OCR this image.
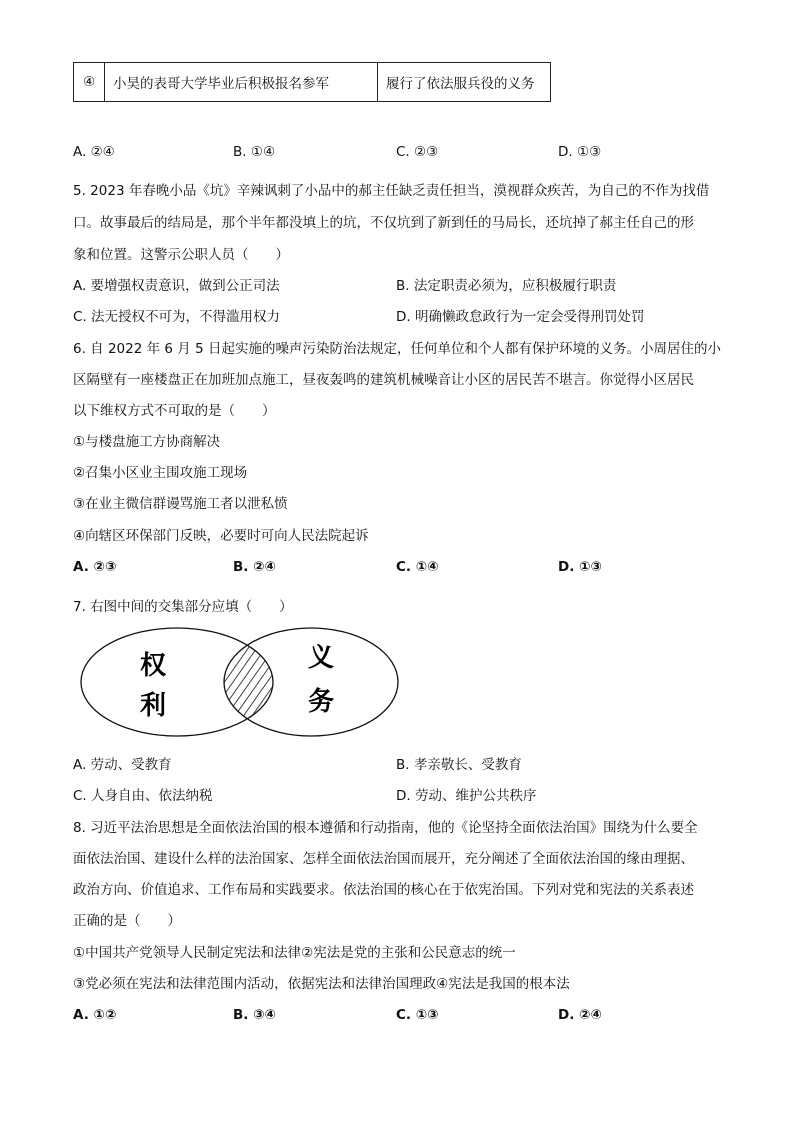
④	小昊的表哥大学毕业后积极报名参军	履行了依法服兵役的义务
A. ②④	B. ①④	C. ②③	D. ①③
5. 2023 年春晚小品《坑》辛辣讽刺了小品中的郝主任缺乏责任担当，漠视群众疾苦，为自己的不作为找借
口。故事最后的结局是，那个半年都没填上的坑，不仅坑到了新到任的马局长，还坑掉了郝主任自己的形
象和位置。这警示公职人员（　　）
A. 要增强权责意识，做到公正司法	B. 法定职责必须为，应积极履行职责
C. 法无授权不可为，不得滥用权力	D. 明确懒政怠政行为一定会受得刑罚处罚
6. 自 2022 年 6 月 5 日起实施的噪声污染防治法规定，任何单位和个人都有保护环境的义务。小周居住的小
区隔壁有一座楼盘正在加班加点施工，昼夜轰鸣的建筑机械噪音让小区的居民苦不堪言。你觉得小区居民
以下维权方式不可取的是（　　）
①与楼盘施工方协商解决
②召集小区业主围攻施工现场
③在业主微信群谩骂施工者以泄私愤
④向辖区环保部门反映，必要时可向人民法院起诉
A. ②③	B. ②④	C. ①④	D. ①③
7. 右图中间的交集部分应填（　　）
权
利
义
务
A. 劳动、受教育	B. 孝亲敬长、受教育
C. 人身自由、依法纳税	D. 劳动、维护公共秩序
8. 习近平法治思想是全面依法治国的根本遵循和行动指南，他的《论坚持全面依法治国》围绕为什么要全
面依法治国、建设什么样的法治国家、怎样全面依法治国而展开，充分阐述了全面依法治国的缘由理据、
政治方向、价值追求、工作布局和实践要求。依法治国的核心在于依宪治国。下列对党和宪法的关系表述
正确的是（　　）
①中国共产党领导人民制定宪法和法律②宪法是党的主张和公民意志的统一
③党必须在宪法和法律范围内活动，依据宪法和法律治国理政④宪法是我国的根本法
A. ①②	B. ③④	C. ①③	D. ②④
